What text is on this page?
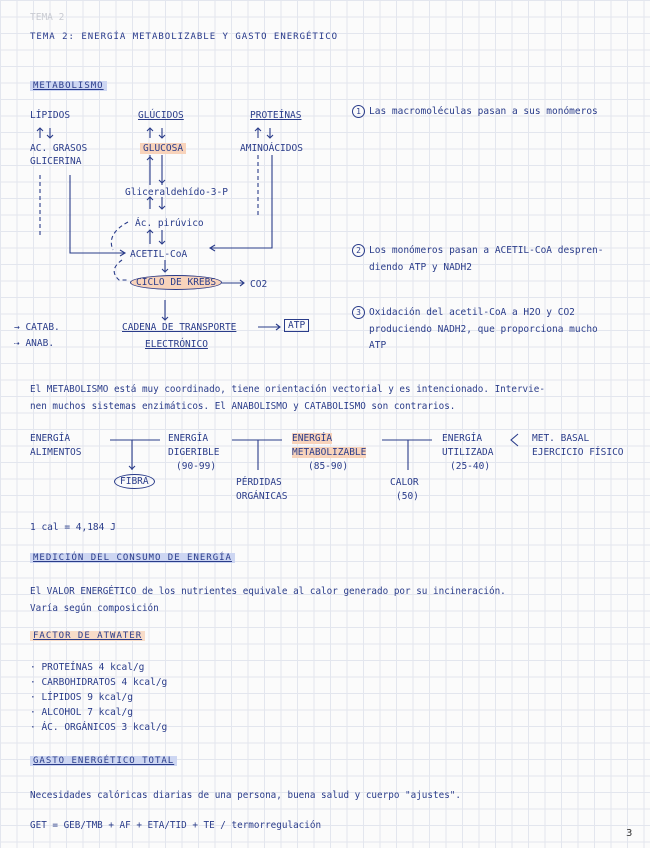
TEMA 2
TEMA 2: ENERGÍA METABOLIZABLE Y GASTO ENERGÉTICO
METABOLISMO
LÍPIDOS	GLÚCIDOS	PROTEÍNAS
AC. GRASOS
GLICERINA
GLUCOSA	AMINOÁCIDOS
Gliceraldehído-3-P
Ác. pirúvico
ACETIL-CoA
CICLO DE KREBS	CO2
CADENA DE TRANSPORTE
ELECTRÓNICO
ATP
→ CATAB.
⇢ ANAB.
1 Las macromoléculas pasan a sus monómeros
2 Los monómeros pasan a ACETIL-CoA despren-
diendo ATP y NADH2
3 Oxidación del acetil-CoA a H2O y CO2
produciendo NADH2, que proporciona mucho
ATP
El METABOLISMO está muy coordinado, tiene orientación vectorial y es intencionado. Intervie-
nen muchos sistemas enzimáticos. El ANABOLISMO y CATABOLISMO son contrarios.
ENERGÍA
ALIMENTOS
ENERGÍA
DIGERIBLE
(90-99)
ENERGÍA
METABOLIZABLE
(85-90)
ENERGÍA
UTILIZADA
(25-40)
MET. BASAL
EJERCICIO FÍSICO
FIBRA	PÉRDIDAS
ORGÁNICAS
CALOR
(50)
1 cal = 4,184 J
MEDICIÓN DEL CONSUMO DE ENERGÍA
El VALOR ENERGÉTICO de los nutrientes equivale al calor generado por su incineración.
Varía según composición
FACTOR DE ATWATER
· PROTEÍNAS 4 kcal/g
· CARBOHIDRATOS 4 kcal/g
· LÍPIDOS 9 kcal/g
· ALCOHOL 7 kcal/g
· ÁC. ORGÁNICOS 3 kcal/g
GASTO ENERGÉTICO TOTAL
Necesidades calóricas diarias de una persona, buena salud y cuerpo "ajustes".
GET = GEB/TMB + AF + ETA/TID + TE / termorregulación
3
